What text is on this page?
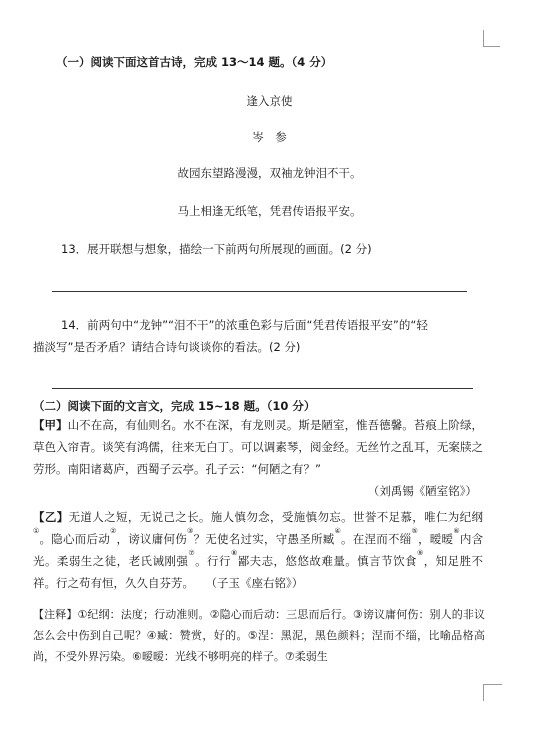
（一）阅读下面这首古诗，完成 13～14 题。（4 分）
逢入京使
岑　参
故园东望路漫漫，双袖龙钟泪不干。
马上相逢无纸笔，凭君传语报平安。
13．展开联想与想象，描绘一下前两句所展现的画面。(2 分)
14．前两句中“龙钟”“泪不干”的浓重色彩与后面“凭君传语报平安”的“轻
描淡写”是否矛盾？请结合诗句谈谈你的看法。(2 分)
（二）阅读下面的文言文，完成 15~18 题。（10 分）

【甲】山不在高，有仙则名。水不在深，有龙则灵。斯是陋室，惟吾德馨。苔痕上阶绿，草色入帘青。谈笑有鸿儒，往来无白丁。可以调素琴，阅金经。无丝竹之乱耳，无案牍之劳形。南阳诸葛庐，西蜀子云亭。孔子云：“何陋之有？”

（刘禹锡《陋室铭》）

【乙】无道人之短，无说己之长。施人慎勿念，受施慎勿忘。世誉不足慕，唯仁为纪纲①。隐心而后动②，谤议庸何伤③？无使名过实，守愚圣所臧④。在涅而不缁⑤，暧暧⑥内含光。柔弱生之徒，老氏诫刚强⑦。行行⑧鄙夫志，悠悠故难量。慎言节饮食⑨，知足胜不祥。行之苟有恒，久久自芬芳。　　（子玉《座右铭》）

【注释】①纪纲：法度；行动准则。②隐心而后动：三思而后行。③谤议庸何伤：别人的非议怎么会中伤到自己呢？④臧：赞赏，好的。⑤涅：黑泥，黑色颜料；涅而不缁，比喻品格高尚，不受外界污染。⑥暧暧：光线不够明亮的样子。⑦柔弱生
